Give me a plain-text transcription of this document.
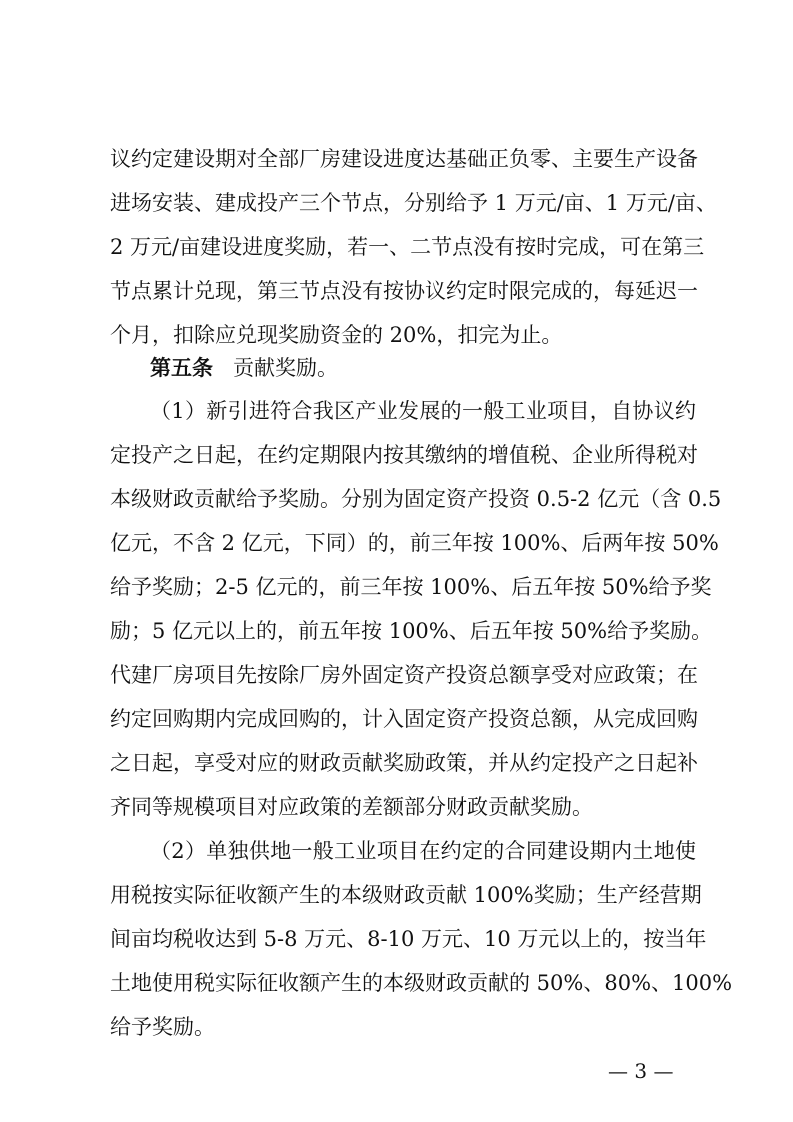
议约定建设期对全部厂房建设进度达基础正负零、主要生产设备
进场安装、建成投产三个节点，分别给予 1 万元/亩、1 万元/亩、
2 万元/亩建设进度奖励，若一、二节点没有按时完成，可在第三
节点累计兑现，第三节点没有按协议约定时限完成的，每延迟一
个月，扣除应兑现奖励资金的 20%，扣完为止。
第五条 贡献奖励。
（1）新引进符合我区产业发展的一般工业项目，自协议约
定投产之日起，在约定期限内按其缴纳的增值税、企业所得税对
本级财政贡献给予奖励。分别为固定资产投资 0.5-2 亿元（含 0.5
亿元，不含 2 亿元，下同）的，前三年按 100%、后两年按 50%
给予奖励；2-5 亿元的，前三年按 100%、后五年按 50%给予奖
励；5 亿元以上的，前五年按 100%、后五年按 50%给予奖励。
代建厂房项目先按除厂房外固定资产投资总额享受对应政策；在
约定回购期内完成回购的，计入固定资产投资总额，从完成回购
之日起，享受对应的财政贡献奖励政策，并从约定投产之日起补
齐同等规模项目对应政策的差额部分财政贡献奖励。
（2）单独供地一般工业项目在约定的合同建设期内土地使
用税按实际征收额产生的本级财政贡献 100%奖励；生产经营期
间亩均税收达到 5-8 万元、8-10 万元、10 万元以上的，按当年
土地使用税实际征收额产生的本级财政贡献的 50%、80%、100%
给予奖励。
— 3 —
